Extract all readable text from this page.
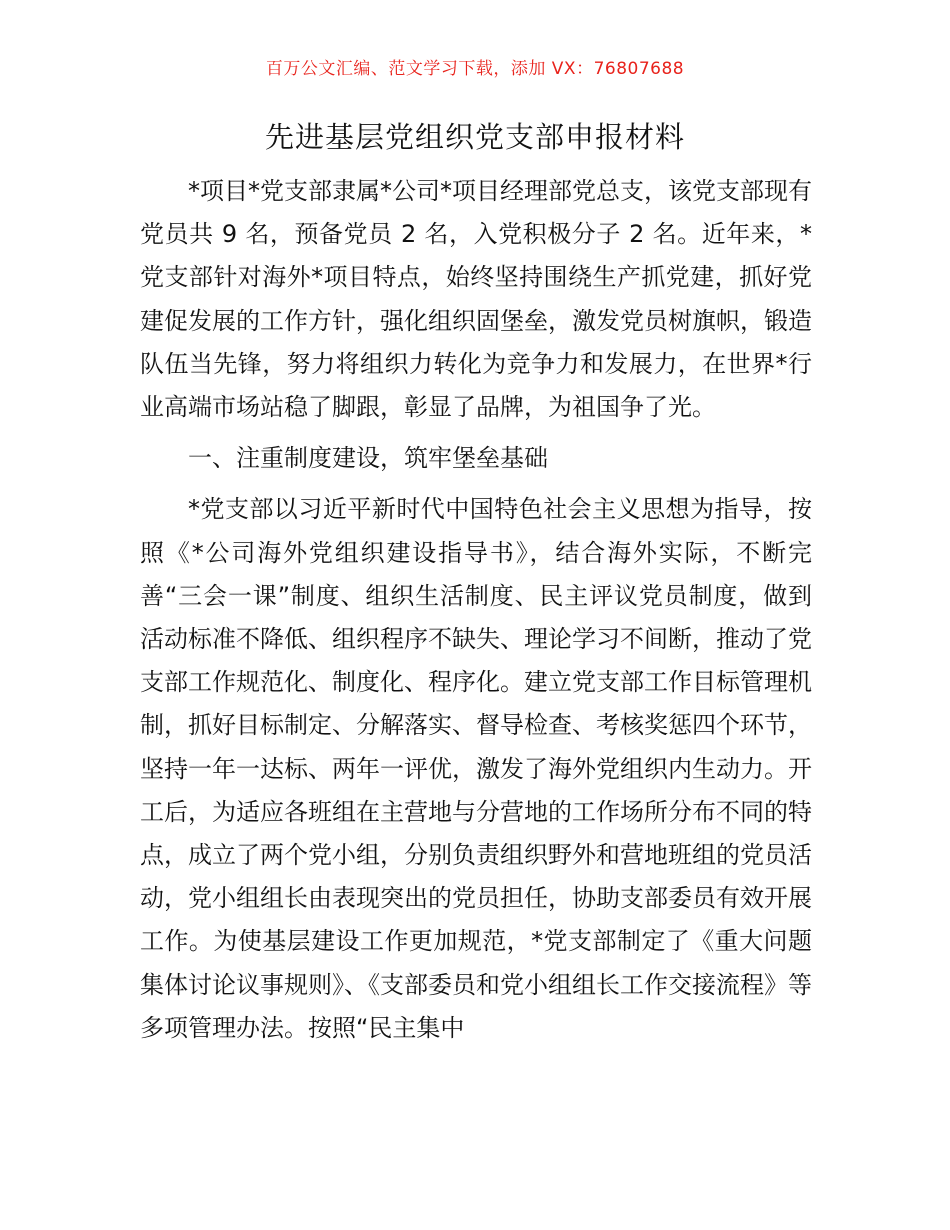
百万公文汇编、范文学习下载，添加 VX：76807688
先进基层党组织党支部申报材料

*项目*党支部隶属*公司*项目经理部党总支，该党支部现有党员共 9 名，预备党员 2 名，入党积极分子 2 名。近年来，*党支部针对海外*项目特点，始终坚持围绕生产抓党建，抓好党建促发展的工作方针，强化组织固堡垒，激发党员树旗帜，锻造队伍当先锋，努力将组织力转化为竞争力和发展力，在世界*行业高端市场站稳了脚跟，彰显了品牌，为祖国争了光。

一、注重制度建设，筑牢堡垒基础

*党支部以习近平新时代中国特色社会主义思想为指导，按照《*公司海外党组织建设指导书》，结合海外实际，不断完善“三会一课”制度、组织生活制度、民主评议党员制度，做到活动标准不降低、组织程序不缺失、理论学习不间断，推动了党支部工作规范化、制度化、程序化。建立党支部工作目标管理机制，抓好目标制定、分解落实、督导检查、考核奖惩四个环节，坚持一年一达标、两年一评优，激发了海外党组织内生动力。开工后，为适应各班组在主营地与分营地的工作场所分布不同的特点，成立了两个党小组，分别负责组织野外和营地班组的党员活动，党小组组长由表现突出的党员担任，协助支部委员有效开展工作。为使基层建设工作更加规范，*党支部制定了《重大问题集体讨论议事规则》、《支部委员和党小组组长工作交接流程》等多项管理办法。按照“民主集中
